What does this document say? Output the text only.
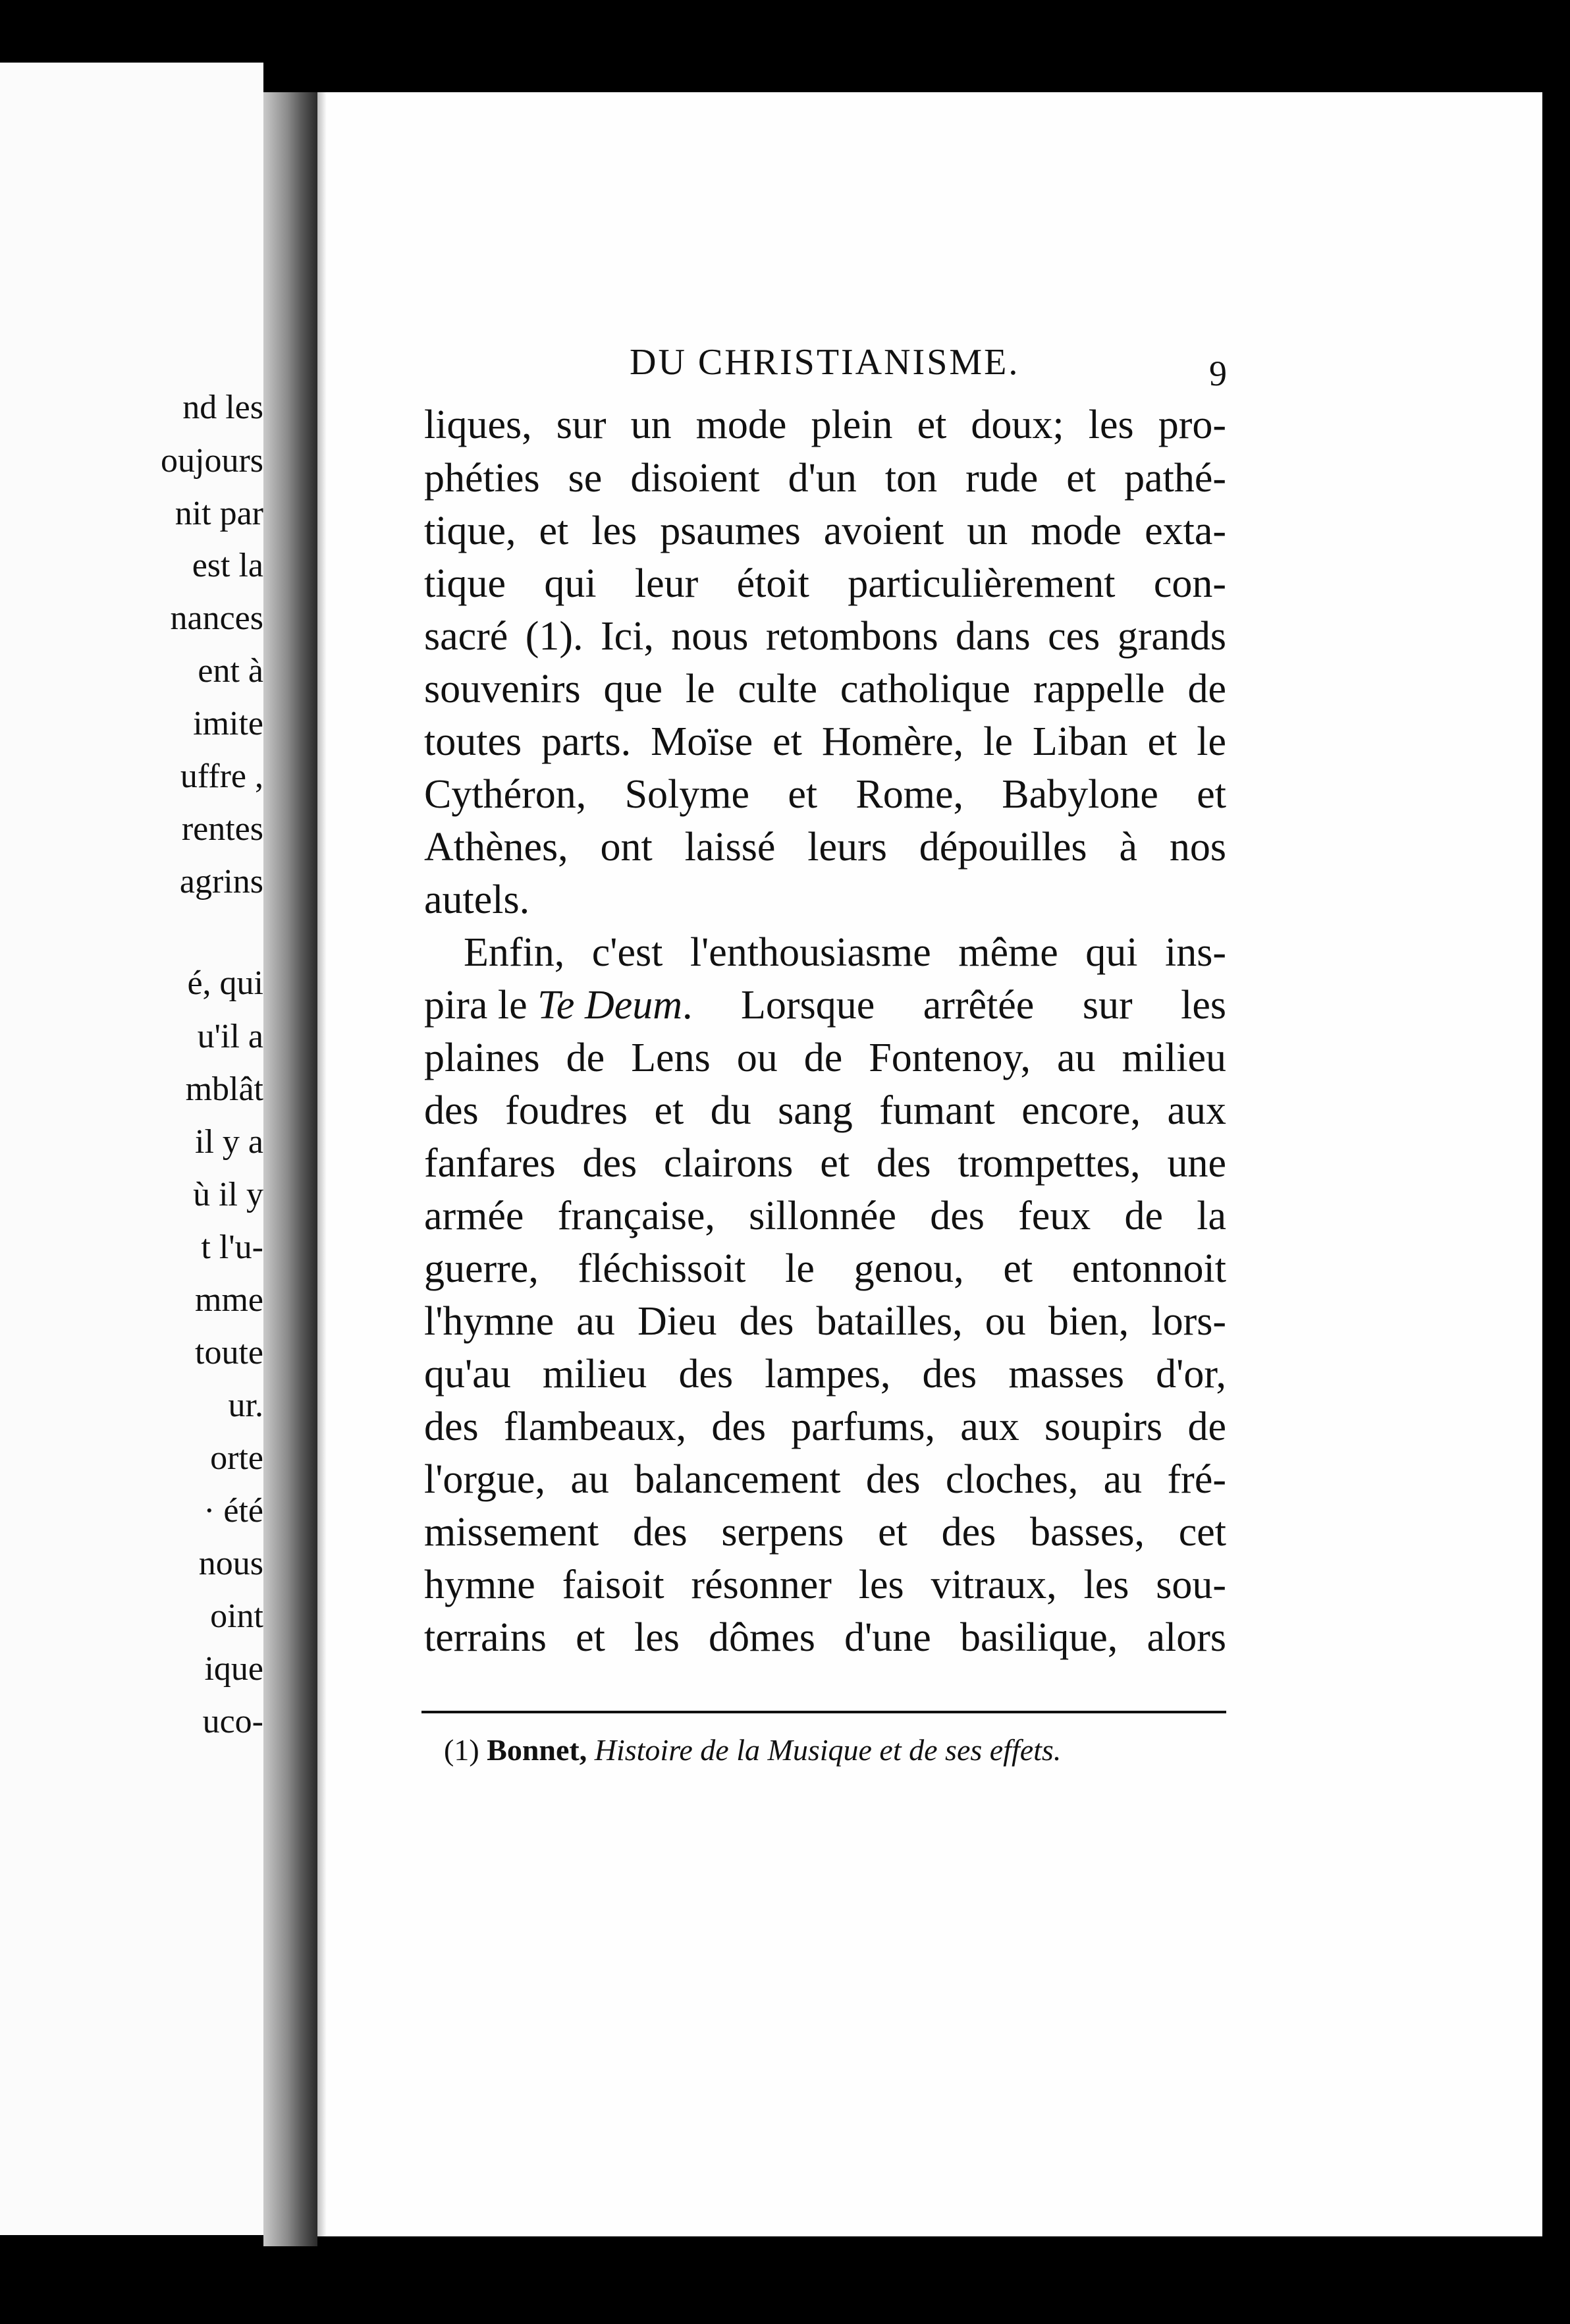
nd les
oujours
nit par
est la
nances
ent à
imite
uffre ,
rentes
agrins
é, qui
u'il a
mblât
il y a
ù il y
t l'u-
mme
toute
ur.
orte
· été
nous
oint
ique
uco-
DU CHRISTIANISME.	9
liques, sur un mode plein et doux; les pro-
phéties se disoient d'un ton rude et pathé-
tique, et les psaumes avoient un mode exta-
tique qui leur étoit particulièrement con-
sacré (1). Ici, nous retombons dans ces grands
souvenirs que le culte catholique rappelle de
toutes parts. Moïse et Homère, le Liban et le
Cythéron, Solyme et Rome, Babylone et
Athènes, ont laissé leurs dépouilles à nos
autels.
Enfin, c'est l'enthousiasme même qui ins-
pira le Te Deum . Lorsque arrêtée sur les
plaines de Lens ou de Fontenoy, au milieu
des foudres et du sang fumant encore, aux
fanfares des clairons et des trompettes, une
armée française, sillonnée des feux de la
guerre, fléchissoit le genou, et entonnoit
l'hymne au Dieu des batailles, ou bien, lors-
qu'au milieu des lampes, des masses d'or,
des flambeaux, des parfums, aux soupirs de
l'orgue, au balancement des cloches, au fré-
missement des serpens et des basses, cet
hymne faisoit résonner les vitraux, les sou-
terrains et les dômes d'une basilique, alors
(1) Bonnet, Histoire de la Musique et de ses effets.
